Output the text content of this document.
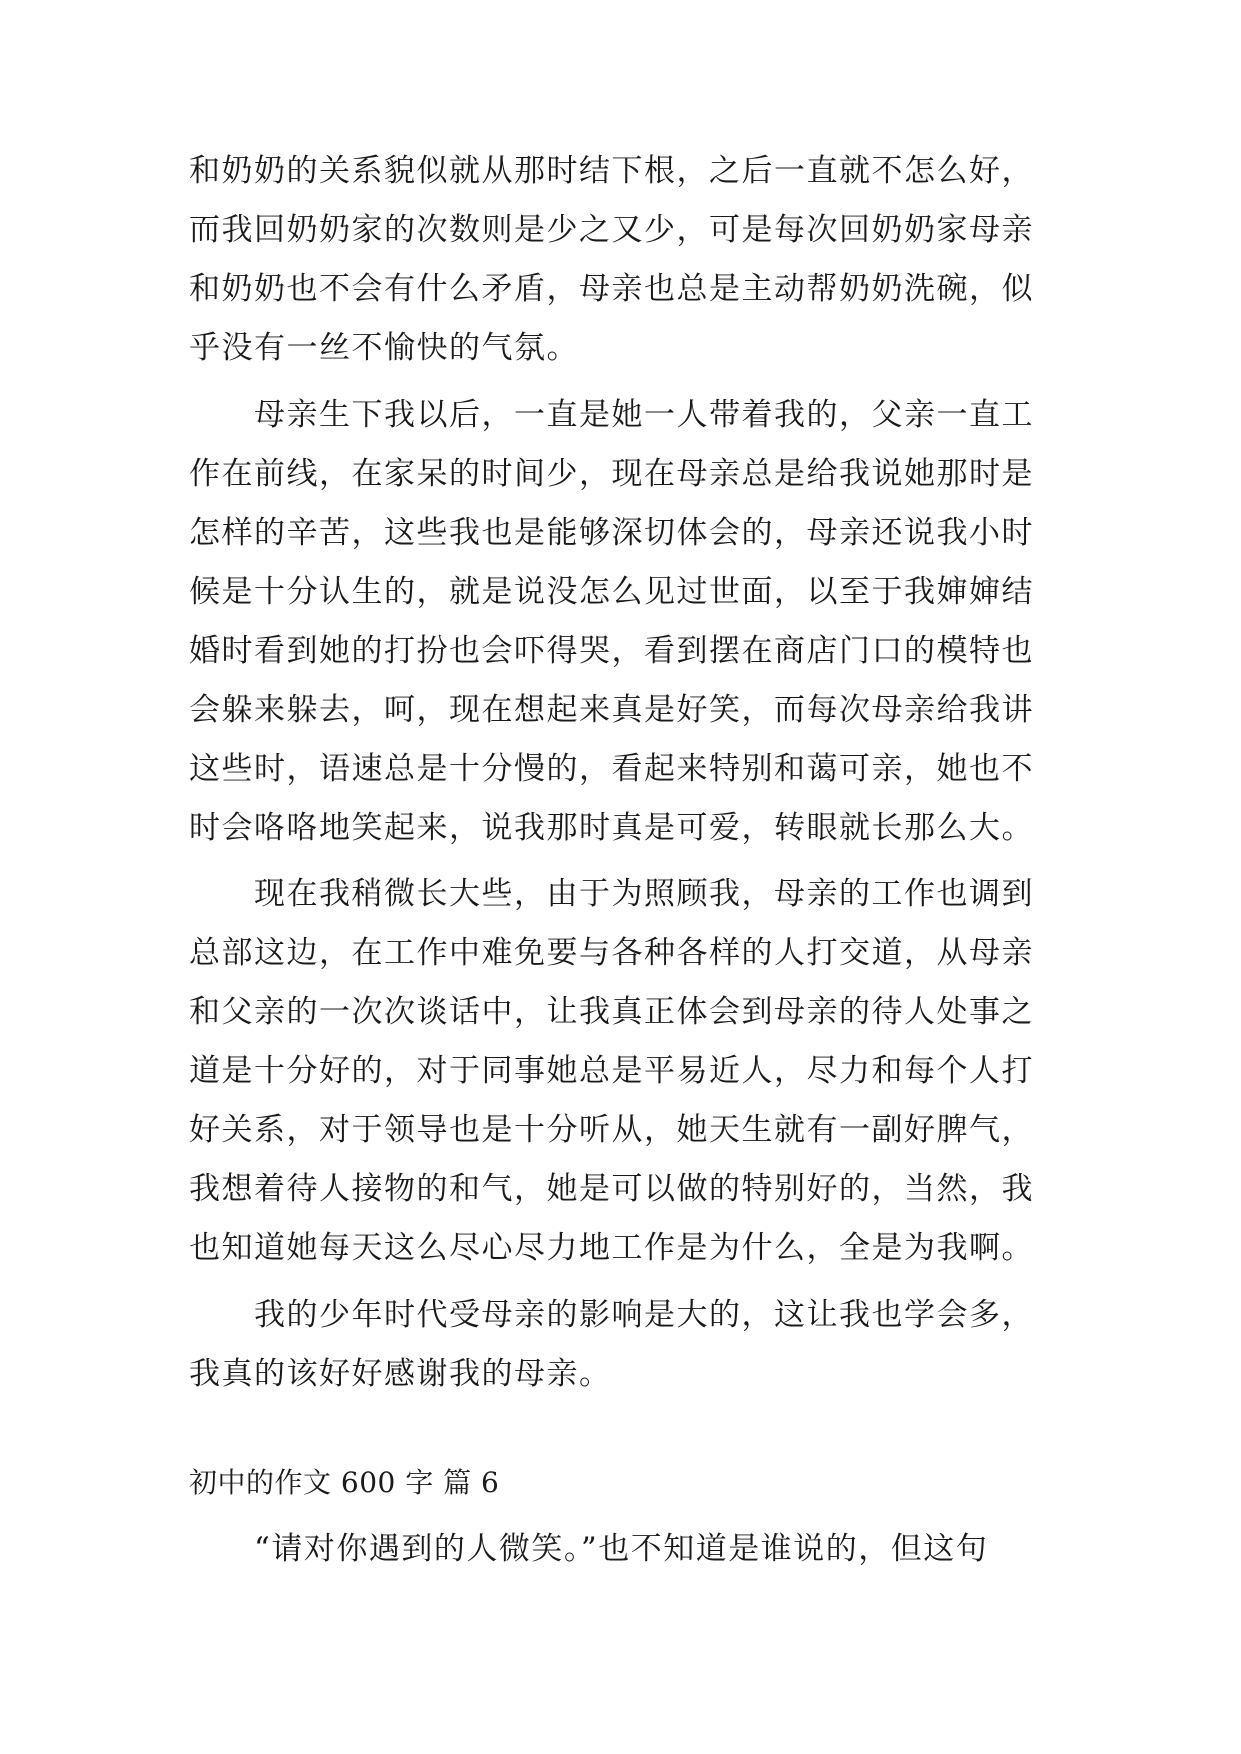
和奶奶的关系貌似就从那时结下根，之后一直就不怎么好，
而我回奶奶家的次数则是少之又少，可是每次回奶奶家母亲
和奶奶也不会有什么矛盾，母亲也总是主动帮奶奶洗碗，似
乎没有一丝不愉快的气氛。
　　母亲生下我以后，一直是她一人带着我的，父亲一直工
作在前线，在家呆的时间少，现在母亲总是给我说她那时是
怎样的辛苦，这些我也是能够深切体会的，母亲还说我小时
候是十分认生的，就是说没怎么见过世面，以至于我婶婶结
婚时看到她的打扮也会吓得哭，看到摆在商店门口的模特也
会躲来躲去，呵，现在想起来真是好笑，而每次母亲给我讲
这些时，语速总是十分慢的，看起来特别和蔼可亲，她也不
时会咯咯地笑起来，说我那时真是可爱，转眼就长那么大。
　　现在我稍微长大些，由于为照顾我，母亲的工作也调到
总部这边，在工作中难免要与各种各样的人打交道，从母亲
和父亲的一次次谈话中，让我真正体会到母亲的待人处事之
道是十分好的，对于同事她总是平易近人，尽力和每个人打
好关系，对于领导也是十分听从，她天生就有一副好脾气，
我想着待人接物的和气，她是可以做的特别好的，当然，我
也知道她每天这么尽心尽力地工作是为什么，全是为我啊。
　　我的少年时代受母亲的影响是大的，这让我也学会多，
我真的该好好感谢我的母亲。
初中的作文 600 字 篇 6
　　“请对你遇到的人微笑。”也不知道是谁说的，但这句
